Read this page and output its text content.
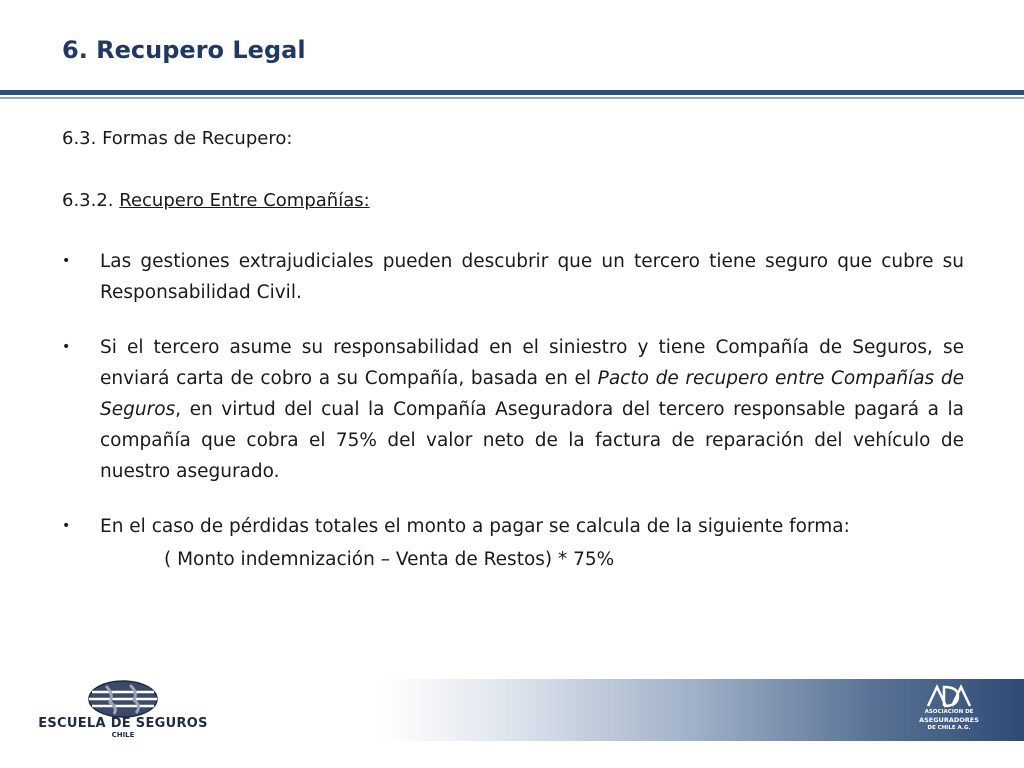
6. Recupero Legal
6.3. Formas de Recupero:
6.3.2. Recupero Entre Compañías:
• Las gestiones extrajudiciales pueden descubrir que un tercero tiene seguro que cubre su Responsabilidad Civil.
• Si el tercero asume su responsabilidad en el siniestro y tiene Compañía de Seguros, se enviará carta de cobro a su Compañía, basada en el Pacto de recupero entre Compañías de Seguros, en virtud del cual la Compañía Aseguradora del tercero responsable pagará a la compañía que cobra el 75% del valor neto de la factura de reparación del vehículo de nuestro asegurado.
• En el caso de pérdidas totales el monto a pagar se calcula de la siguiente forma:
( Monto indemnización – Venta de Restos) * 75%
ESCUELA DE SEGUROS
CHILE
ASOCIACION DE
ASEGURADORES
DE CHILE A.G.
